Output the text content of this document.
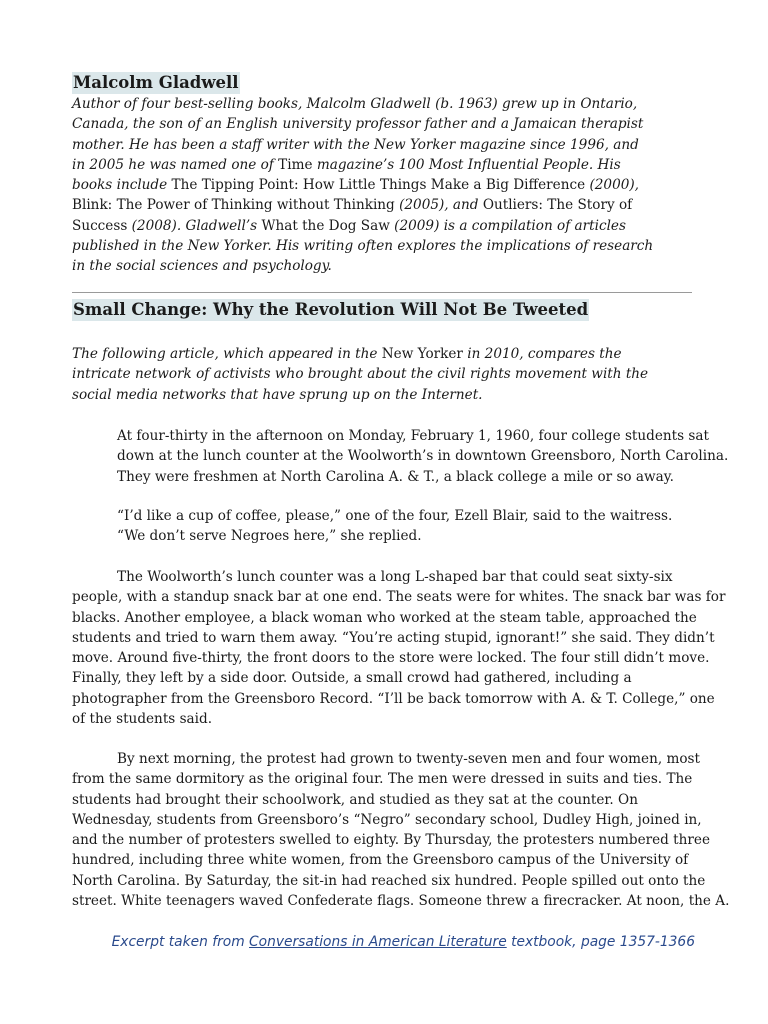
Malcolm Gladwell

Author of four best-selling books, Malcolm Gladwell (b. 1963) grew up in Ontario,
Canada, the son of an English university professor father and a Jamaican therapist
mother. He has been a staff writer with the New Yorker magazine since 1996, and
in 2005 he was named one of Time magazine’s 100 Most Influential People. His
books include The Tipping Point: How Little Things Make a Big Difference (2000),
Blink: The Power of Thinking without Thinking (2005), and Outliers: The Story of
Success (2008). Gladwell’s What the Dog Saw (2009) is a compilation of articles
published in the New Yorker. His writing often explores the implications of research
in the social sciences and psychology.

Small Change: Why the Revolution Will Not Be Tweeted

The following article, which appeared in the New Yorker in 2010, compares the
intricate network of activists who brought about the civil rights movement with the
social media networks that have sprung up on the Internet.

At four-thirty in the afternoon on Monday, February 1, 1960, four college students sat
down at the lunch counter at the Woolworth’s in downtown Greensboro, North Carolina.
They were freshmen at North Carolina A. & T., a black college a mile or so away.

“I’d like a cup of coffee, please,” one of the four, Ezell Blair, said to the waitress.
“We don’t serve Negroes here,” she replied.

The Woolworth’s lunch counter was a long L-shaped bar that could seat sixty-six
people, with a standup snack bar at one end. The seats were for whites. The snack bar was for
blacks. Another employee, a black woman who worked at the steam table, approached the
students and tried to warn them away. “You’re acting stupid, ignorant!” she said. They didn’t
move. Around five-thirty, the front doors to the store were locked. The four still didn’t move.
Finally, they left by a side door. Outside, a small crowd had gathered, including a
photographer from the Greensboro Record. “I’ll be back tomorrow with A. & T. College,” one
of the students said.

By next morning, the protest had grown to twenty-seven men and four women, most
from the same dormitory as the original four. The men were dressed in suits and ties. The
students had brought their schoolwork, and studied as they sat at the counter. On
Wednesday, students from Greensboro’s “Negro” secondary school, Dudley High, joined in,
and the number of protesters swelled to eighty. By Thursday, the protesters numbered three
hundred, including three white women, from the Greensboro campus of the University of
North Carolina. By Saturday, the sit-in had reached six hundred. People spilled out onto the
street. White teenagers waved Confederate flags. Someone threw a firecracker. At noon, the A.

Excerpt taken from Conversations in American Literature textbook, page 1357-1366
